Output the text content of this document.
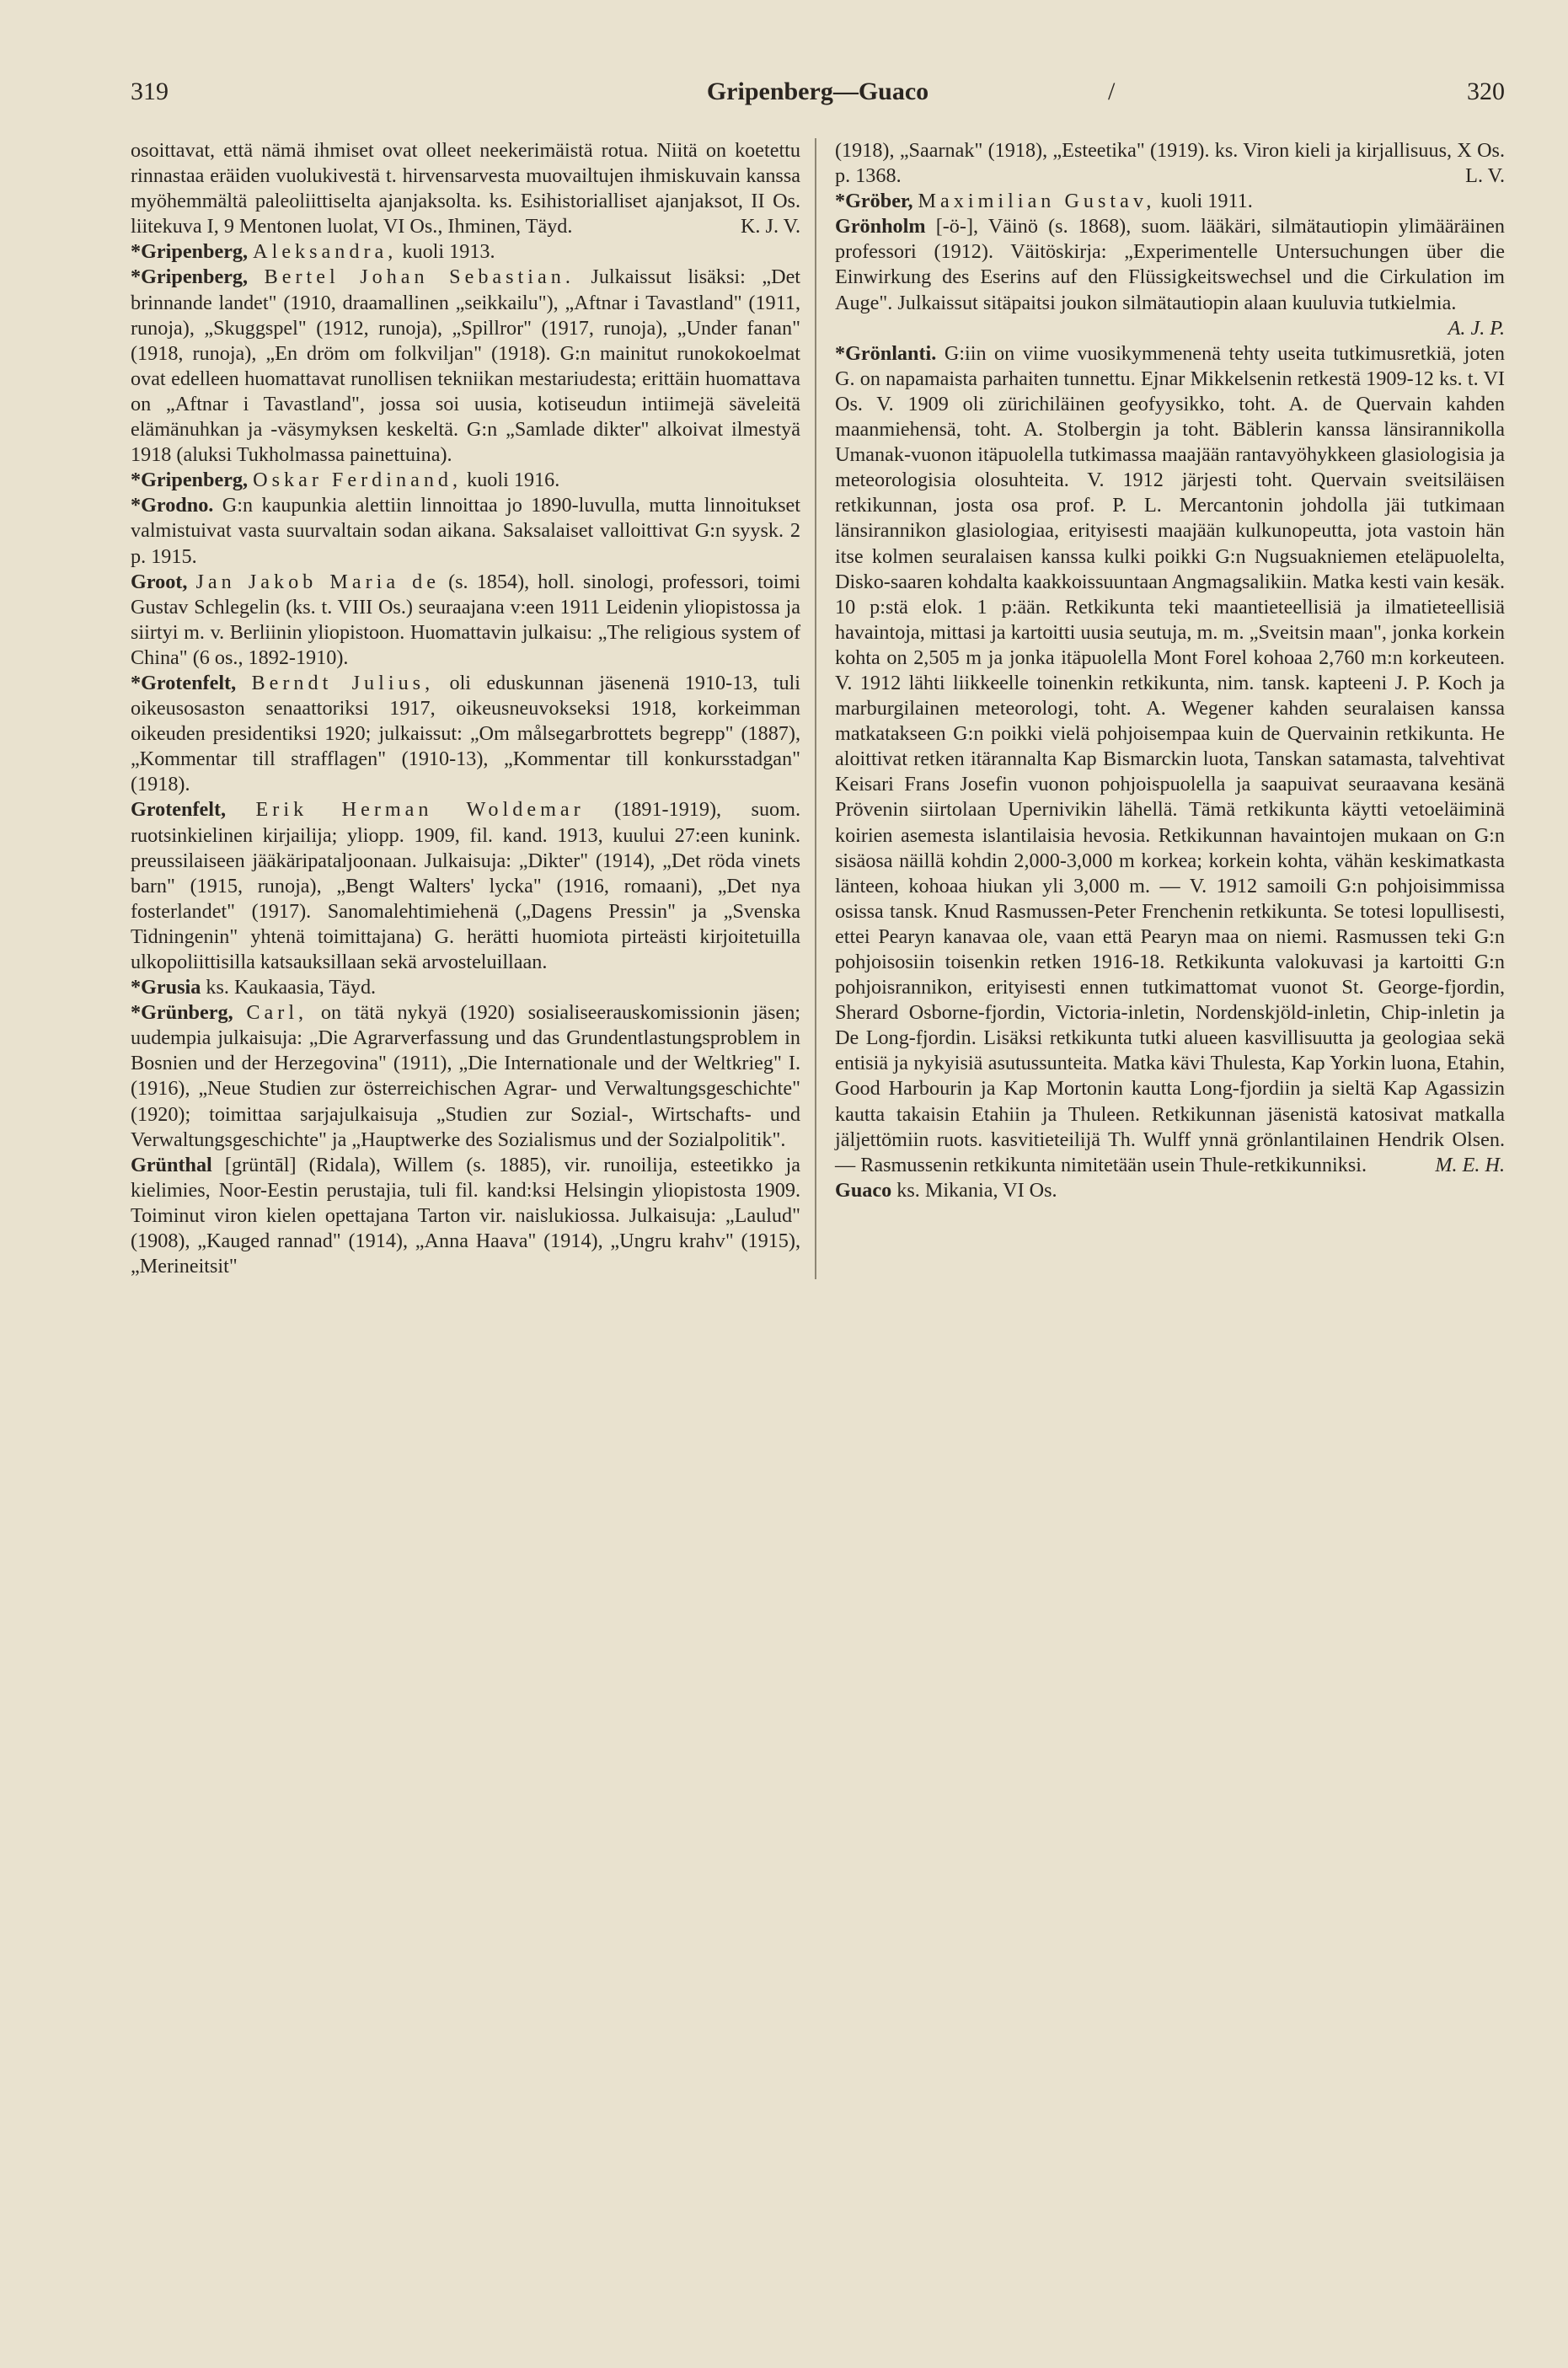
319	Gripenberg—Guaco	/	320

osoittavat, että nämä ihmiset ovat olleet neekerimäistä rotua. Niitä on koetettu rinnastaa eräiden vuolukivestä t. hirvensarvesta muovailtujen ihmiskuvain kanssa myöhemmältä paleoliittiselta ajanjaksolta. ks. Esihistorialliset ajanjaksot, II Os. liitekuva I, 9 Mentonen luolat, VI Os., Ihminen, Täyd.	K. J. V.

*Gripenberg, Aleksandra, kuoli 1913.

*Gripenberg, Bertel Johan Sebastian. Julkaissut lisäksi: „Det brinnande landet" (1910, draamallinen „seikkailu"), „Aftnar i Tavastland" (1911, runoja), „Skuggspel" (1912, runoja), „Spillror" (1917, runoja), „Under fanan" (1918, runoja), „En dröm om folkviljan" (1918). G:n mainitut runokokoelmat ovat edelleen huomattavat runollisen tekniikan mestariudesta; erittäin huomattava on „Aftnar i Tavastland", jossa soi uusia, kotiseudun intiimejä säveleitä elämänuhkan ja -väsymyksen keskeltä. G:n „Samlade dikter" alkoivat ilmestyä 1918 (aluksi Tukholmassa painettuina).

*Gripenberg, Oskar Ferdinand, kuoli 1916.

*Grodno. G:n kaupunkia alettiin linnoittaa jo 1890-luvulla, mutta linnoitukset valmistuivat vasta suurvaltain sodan aikana. Saksalaiset valloittivat G:n syysk. 2 p. 1915.

Groot, Jan Jakob Maria de (s. 1854), holl. sinologi, professori, toimi Gustav Schlegelin (ks. t. VIII Os.) seuraajana v:een 1911 Leidenin yliopistossa ja siirtyi m. v. Berliinin yliopistoon. Huomattavin julkaisu: „The religious system of China" (6 os., 1892-1910).

*Grotenfelt, Berndt Julius, oli eduskunnan jäsenenä 1910-13, tuli oikeusosaston senaattoriksi 1917, oikeusneuvokseksi 1918, korkeimman oikeuden presidentiksi 1920; julkaissut: „Om målsegarbrottets begrepp" (1887), „Kommentar till strafflagen" (1910-13), „Kommentar till konkursstadgan" (1918).

Grotenfelt, Erik Herman Woldemar (1891-1919), suom. ruotsinkielinen kirjailija; yliopp. 1909, fil. kand. 1913, kuului 27:een kunink. preussilaiseen jääkäripataljoonaan. Julkaisuja: „Dikter" (1914), „Det röda vinets barn" (1915, runoja), „Bengt Walters' lycka" (1916, romaani), „Det nya fosterlandet" (1917). Sanomalehtimiehenä („Dagens Pressin" ja „Svenska Tidningenin" yhtenä toimittajana) G. herätti huomiota pirteästi kirjoitetuilla ulkopoliittisilla katsauksillaan sekä arvosteluillaan.

*Grusia ks. Kaukaasia, Täyd.

*Grünberg, Carl, on tätä nykyä (1920) sosialiseerauskomissionin jäsen; uudempia julkaisuja: „Die Agrarverfassung und das Grundentlastungsproblem in Bosnien und der Herzegovina" (1911), „Die Internationale und der Weltkrieg" I. (1916), „Neue Studien zur österreichischen Agrar- und Verwaltungsgeschichte" (1920); toimittaa sarjajulkaisuja „Studien zur Sozial-, Wirtschafts- und Verwaltungsgeschichte" ja „Hauptwerke des Sozialismus und der Sozialpolitik".

Grünthal [grüntāl] (Ridala), Willem (s. 1885), vir. runoilija, esteetikko ja kielimies, Noor-Eestin perustajia, tuli fil. kand:ksi Helsingin yliopistosta 1909. Toiminut viron kielen opettajana Tarton vir. naislukiossa. Julkaisuja: „Laulud" (1908), „Kauged rannad" (1914), „Anna Haava" (1914), „Ungru krahv" (1915), „Merineitsit"

(1918), „Saarnak" (1918), „Esteetika" (1919). ks. Viron kieli ja kirjallisuus, X Os. p. 1368.	L. V.

*Gröber, Maximilian Gustav, kuoli 1911.

Grönholm [-ö-], Väinö (s. 1868), suom. lääkäri, silmätautiopin ylimääräinen professori (1912). Väitöskirja: „Experimentelle Untersuchungen über die Einwirkung des Eserins auf den Flüssigkeitswechsel und die Cirkulation im Auge". Julkaissut sitäpaitsi joukon silmätautiopin alaan kuuluvia tutkielmia.
A. J. P.

*Grönlanti. G:iin on viime vuosikymmenenä tehty useita tutkimusretkiä, joten G. on napamaista parhaiten tunnettu. Ejnar Mikkelsenin retkestä 1909-12 ks. t. VI Os. V. 1909 oli zürichiläinen geofyysikko, toht. A. de Quervain kahden maanmiehensä, toht. A. Stolbergin ja toht. Bäblerin kanssa länsirannikolla Umanak-vuonon itäpuolella tutkimassa maajään rantavyöhykkeen glasiologisia ja meteorologisia olosuhteita. V. 1912 järjesti toht. Quervain sveitsiläisen retkikunnan, josta osa prof. P. L. Mercantonin johdolla jäi tutkimaan länsirannikon glasiologiaa, erityisesti maajään kulkunopeutta, jota vastoin hän itse kolmen seuralaisen kanssa kulki poikki G:n Nugsuakniemen eteläpuolelta, Disko-saaren kohdalta kaakkoissuuntaan Angmagsalikiin. Matka kesti vain kesäk. 10 p:stä elok. 1 p:ään. Retkikunta teki maantieteellisiä ja ilmatieteellisiä havaintoja, mittasi ja kartoitti uusia seutuja, m. m. „Sveitsin maan", jonka korkein kohta on 2,505 m ja jonka itäpuolella Mont Forel kohoaa 2,760 m:n korkeuteen. V. 1912 lähti liikkeelle toinenkin retkikunta, nim. tansk. kapteeni J. P. Koch ja marburgilainen meteorologi, toht. A. Wegener kahden seuralaisen kanssa matkatakseen G:n poikki vielä pohjoisempaa kuin de Quervainin retkikunta. He aloittivat retken itärannalta Kap Bismarckin luota, Tanskan satamasta, talvehtivat Keisari Frans Josefin vuonon pohjoispuolella ja saapuivat seuraavana kesänä Prövenin siirtolaan Upernivikin lähellä. Tämä retkikunta käytti vetoeläiminä koirien asemesta islantilaisia hevosia. Retkikunnan havaintojen mukaan on G:n sisäosa näillä kohdin 2,000-3,000 m korkea; korkein kohta, vähän keskimatkasta länteen, kohoaa hiukan yli 3,000 m. — V. 1912 samoili G:n pohjoisimmissa osissa tansk. Knud Rasmussen-Peter Frenchenin retkikunta. Se totesi lopullisesti, ettei Pearyn kanavaa ole, vaan että Pearyn maa on niemi. Rasmussen teki G:n pohjoisosiin toisenkin retken 1916-18. Retkikunta valokuvasi ja kartoitti G:n pohjoisrannikon, erityisesti ennen tutkimattomat vuonot St. George-fjordin, Sherard Osborne-fjordin, Victoria-inletin, Nordenskjöld-inletin, Chip-inletin ja De Long-fjordin. Lisäksi retkikunta tutki alueen kasvillisuutta ja geologiaa sekä entisiä ja nykyisiä asutussunteita. Matka kävi Thulesta, Kap Yorkin luona, Etahin, Good Harbourin ja Kap Mortonin kautta Long-fjordiin ja sieltä Kap Agassizin kautta takaisin Etahiin ja Thuleen. Retkikunnan jäsenistä katosivat matkalla jäljettömiin ruots. kasvitieteilijä Th. Wulff ynnä grönlantilainen Hendrik Olsen. — Rasmussenin retkikunta nimitetään usein Thule-retkikunniksi.	M. E. H.

Guaco ks. Mikania, VI Os.
